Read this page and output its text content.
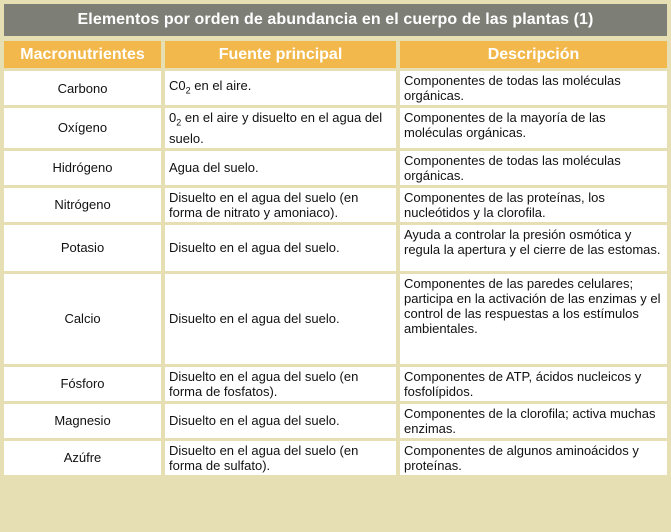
Elementos por orden de abundancia en el cuerpo de las plantas (1)
Macronutrientes	Fuente principal	Descripción
Carbono	$C0_2$ en el aire.	Componentes de todas las moléculas orgánicas.
Oxígeno	$0_2$ en el aire y disuelto en el agua del suelo.	Componentes de la mayoría de las moléculas orgánicas.
Hidrógeno	Agua del suelo.	Componentes de todas las moléculas orgánicas.
Nitrógeno	Disuelto en el agua del suelo (en forma de nitrato y amoniaco).	Componentes de las proteínas, los nucleótidos y la clorofila.
Potasio	Disuelto en el agua del suelo.	Ayuda a controlar la presión osmótica y regula la apertura y el cierre de las estomas.
Calcio	Disuelto en el agua del suelo.	Componentes de las paredes celulares; participa en la activación de las enzimas y el control de las respuestas a los estímulos ambientales.
Fósforo	Disuelto en el agua del suelo (en forma de fosfatos).	Componentes de ATP, ácidos nucleicos y fosfolípidos.
Magnesio	Disuelto en el agua del suelo.	Componentes de la clorofila; activa muchas enzimas.
Azúfre	Disuelto en el agua del suelo (en forma de sulfato).	Componentes de algunos aminoácidos y proteínas.
